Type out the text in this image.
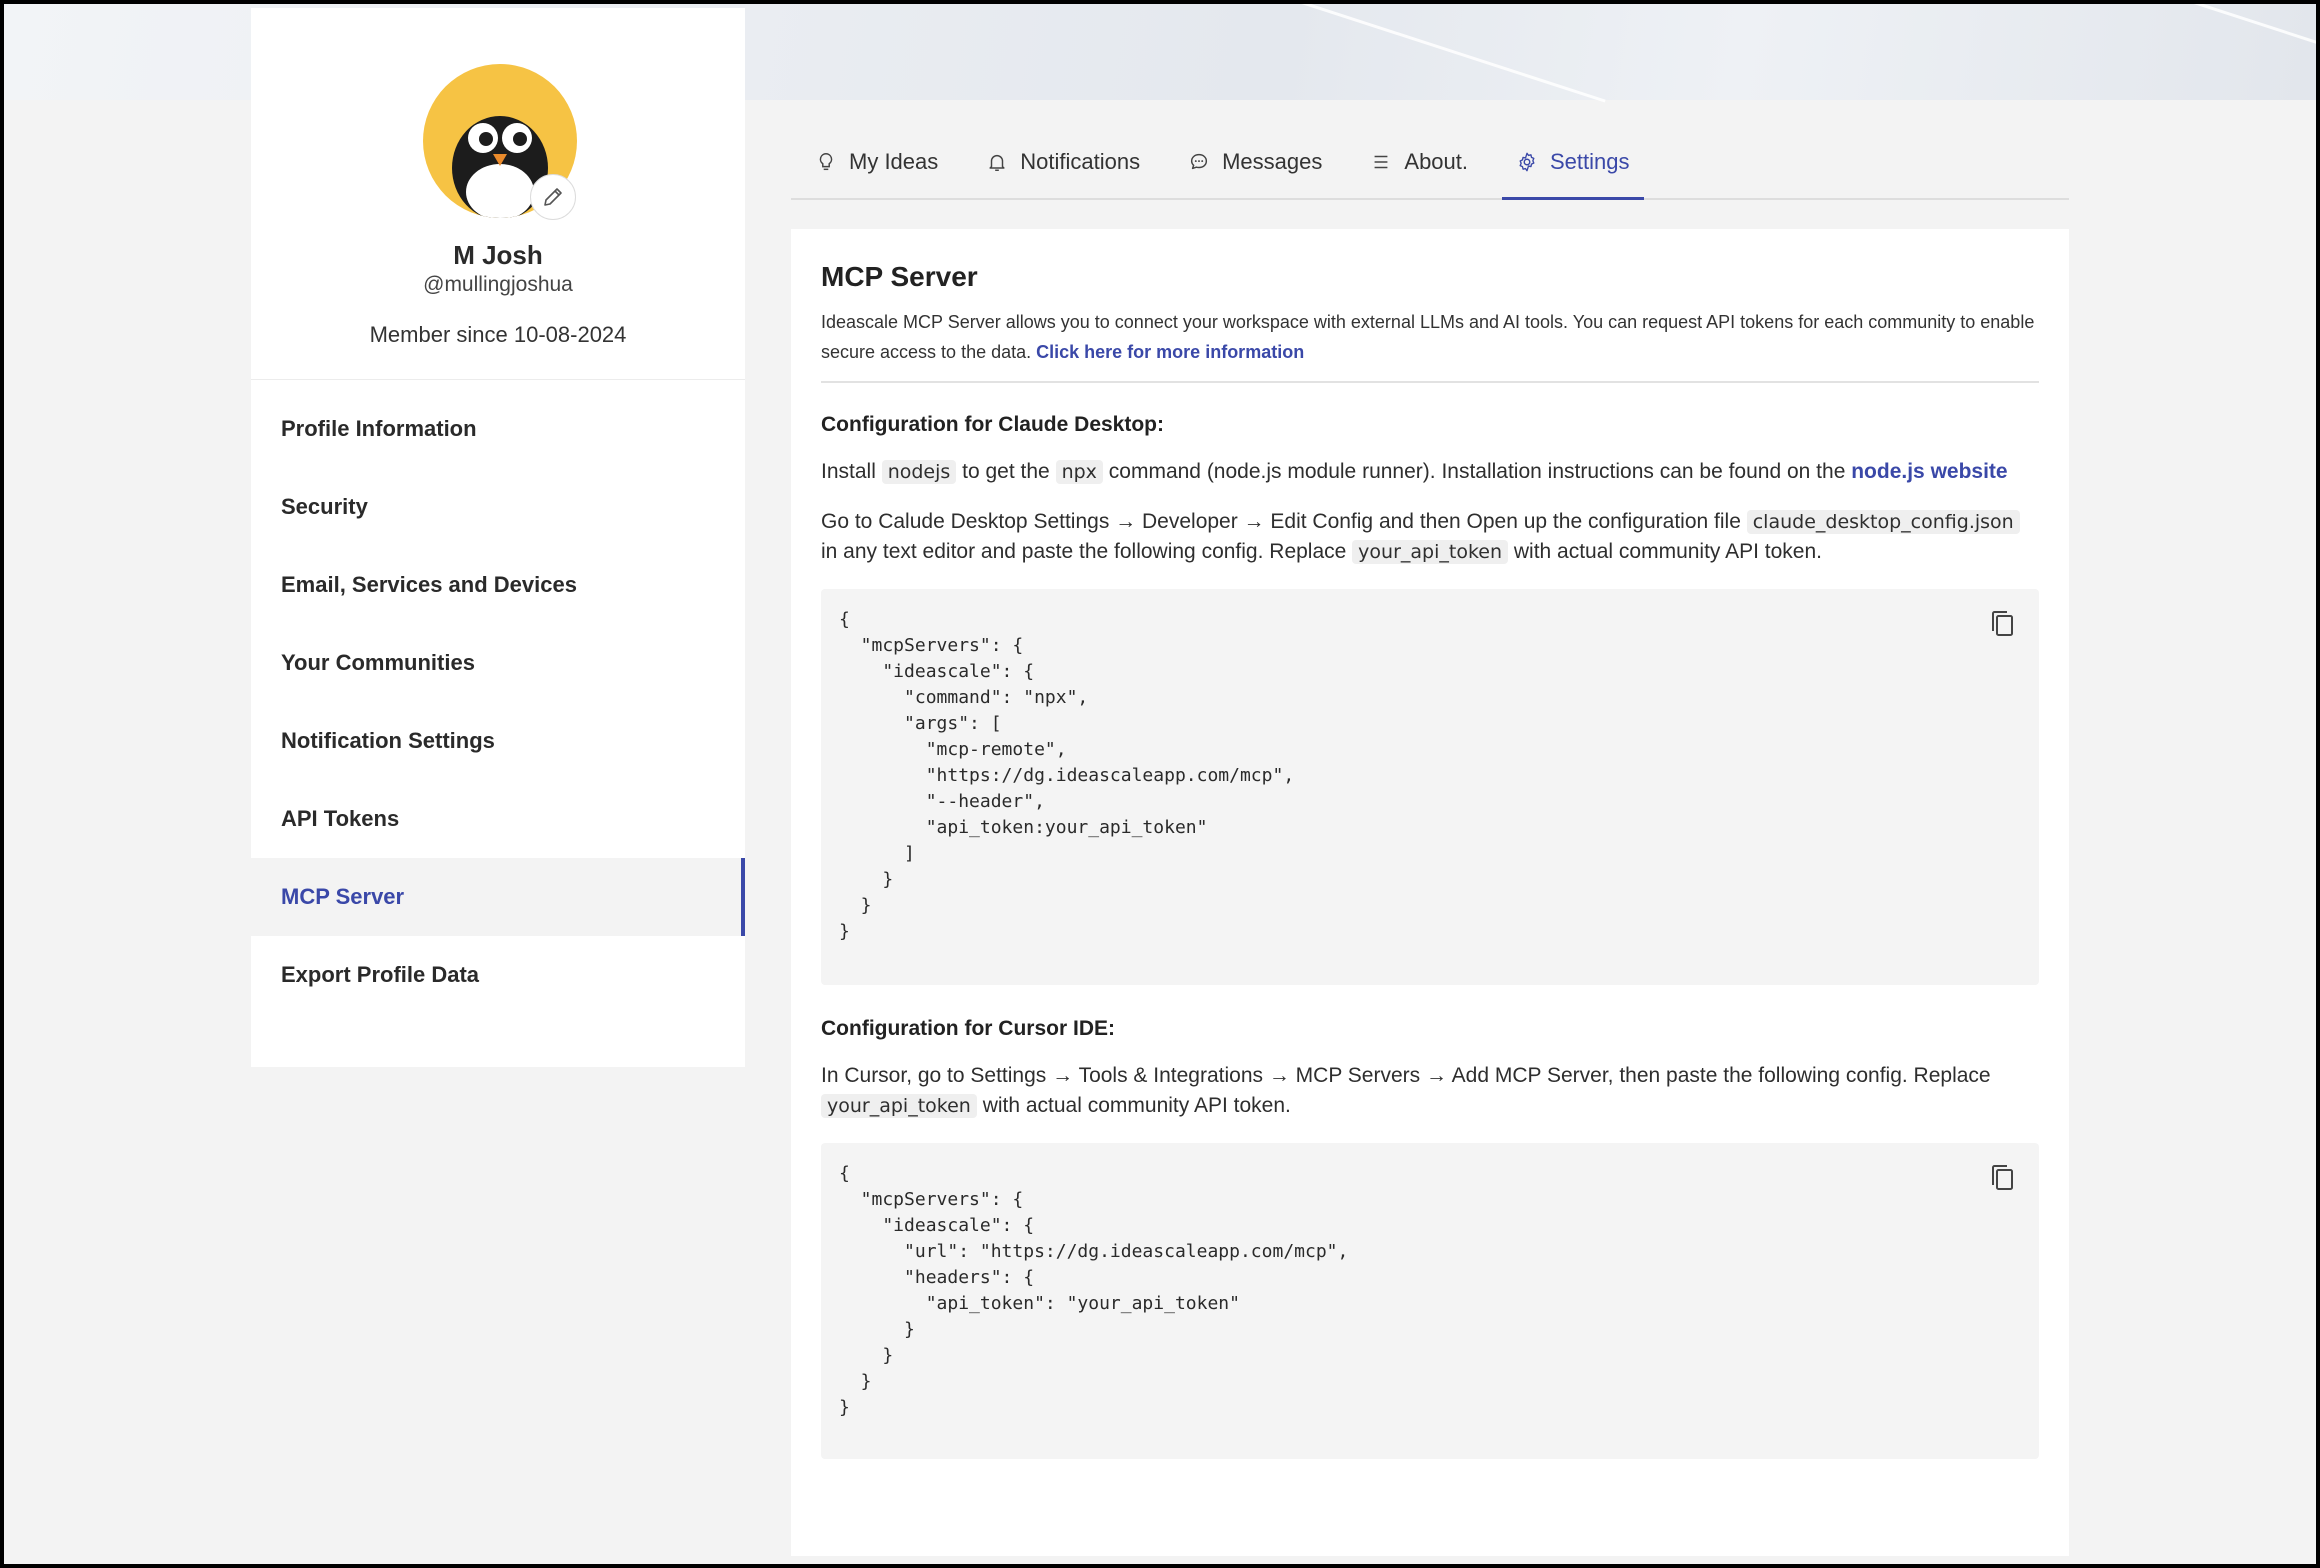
M Josh
@mullingjoshua
Member since 10-08-2024
Profile Information
Security
Email, Services and Devices
Your Communities
Notification Settings
API Tokens
MCP Server
Export Profile Data
My Ideas	Notifications	Messages	About.	Settings
MCP Server
Ideascale MCP Server allows you to connect your workspace with external LLMs and AI tools. You can request API tokens for each community to enable secure access to the data. Click here for more information
Configuration for Claude Desktop:

Install nodejs to get the npx command (node.js module runner). Installation instructions can be found on the node.js website

Go to Calude Desktop Settings → Developer → Edit Config and then Open up the configuration file claude_desktop_config.json in any text editor and paste the following config. Replace your_api_token with actual community API token.

{
"mcpServers": {
"ideascale": {
"command": "npx",
"args": [
"mcp-remote",
"https://dg.ideascaleapp.com/mcp",
"--header",
"api_token:your_api_token"
]
}
}
}
Configuration for Cursor IDE:

In Cursor, go to Settings → Tools & Integrations → MCP Servers → Add MCP Server, then paste the following config. Replace your_api_token with actual community API token.

{
"mcpServers": {
"ideascale": {
"url": "https://dg.ideascaleapp.com/mcp",
"headers": {
"api_token": "your_api_token"
}
}
}
}
